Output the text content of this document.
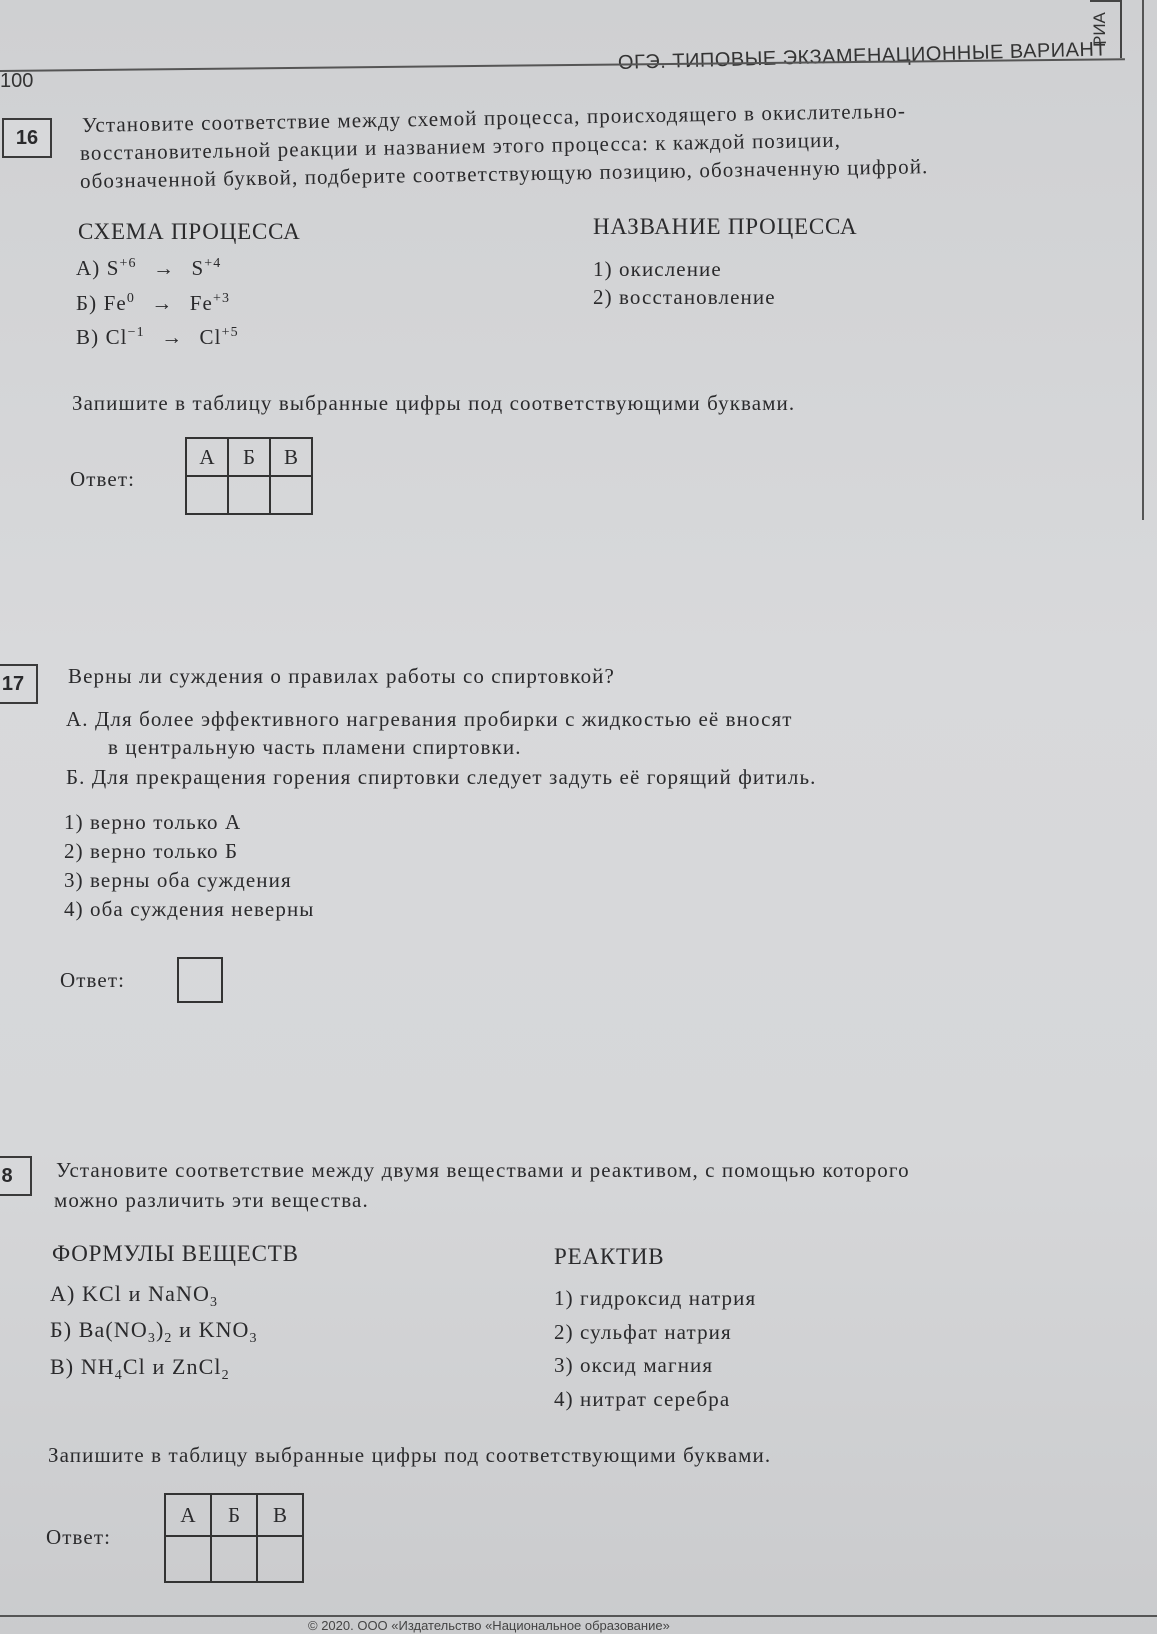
100
ОГЭ. ТИПОВЫЕ ЭКЗАМЕНАЦИОННЫЕ ВАРИАНТ
РИА
16
Установите соответствие между схемой процесса, происходящего в окислительно-
восстановительной реакции и названием этого процесса: к каждой позиции,
обозначенной буквой, подберите соответствующую позицию, обозначенную цифрой.
СХЕМА ПРОЦЕССА	НАЗВАНИЕ ПРОЦЕССА
А) $S^{+6} \to S^{+4}$
Б) $Fe^0 \to Fe^{+3}$
В) $Cl^{-1} \to Cl^{+5}$
1) окисление
2) восстановление
Запишите в таблицу выбранные цифры под соответствующими буквами.
Ответ:
А	Б	В

17	Верны ли суждения о правилах работы со спиртовкой?
А. Для более эффективного нагревания пробирки с жидкостью её вносят
в центральную часть пламени спиртовки.
Б. Для прекращения горения спиртовки следует задуть её горящий фитиль.
1) верно только А
2) верно только Б
3) верны оба суждения
4) оба суждения неверны
Ответ:
8	Установите соответствие между двумя веществами и реактивом, с помощью которого
можно различить эти вещества.
ФОРМУЛЫ ВЕЩЕСТВ	РЕАКТИВ
А) KCl и NaNO$_3$
Б) $Ba(NO_3)_2$ и $KNO_3$
В) $NH_4Cl$ и ZnCl$_2$
1) гидроксид натрия
2) сульфат натрия
3) оксид магния
4) нитрат серебра
Запишите в таблицу выбранные цифры под соответствующими буквами.
Ответ:
А	Б	В

© 2020. ООО «Издательство «Национальное образование»
